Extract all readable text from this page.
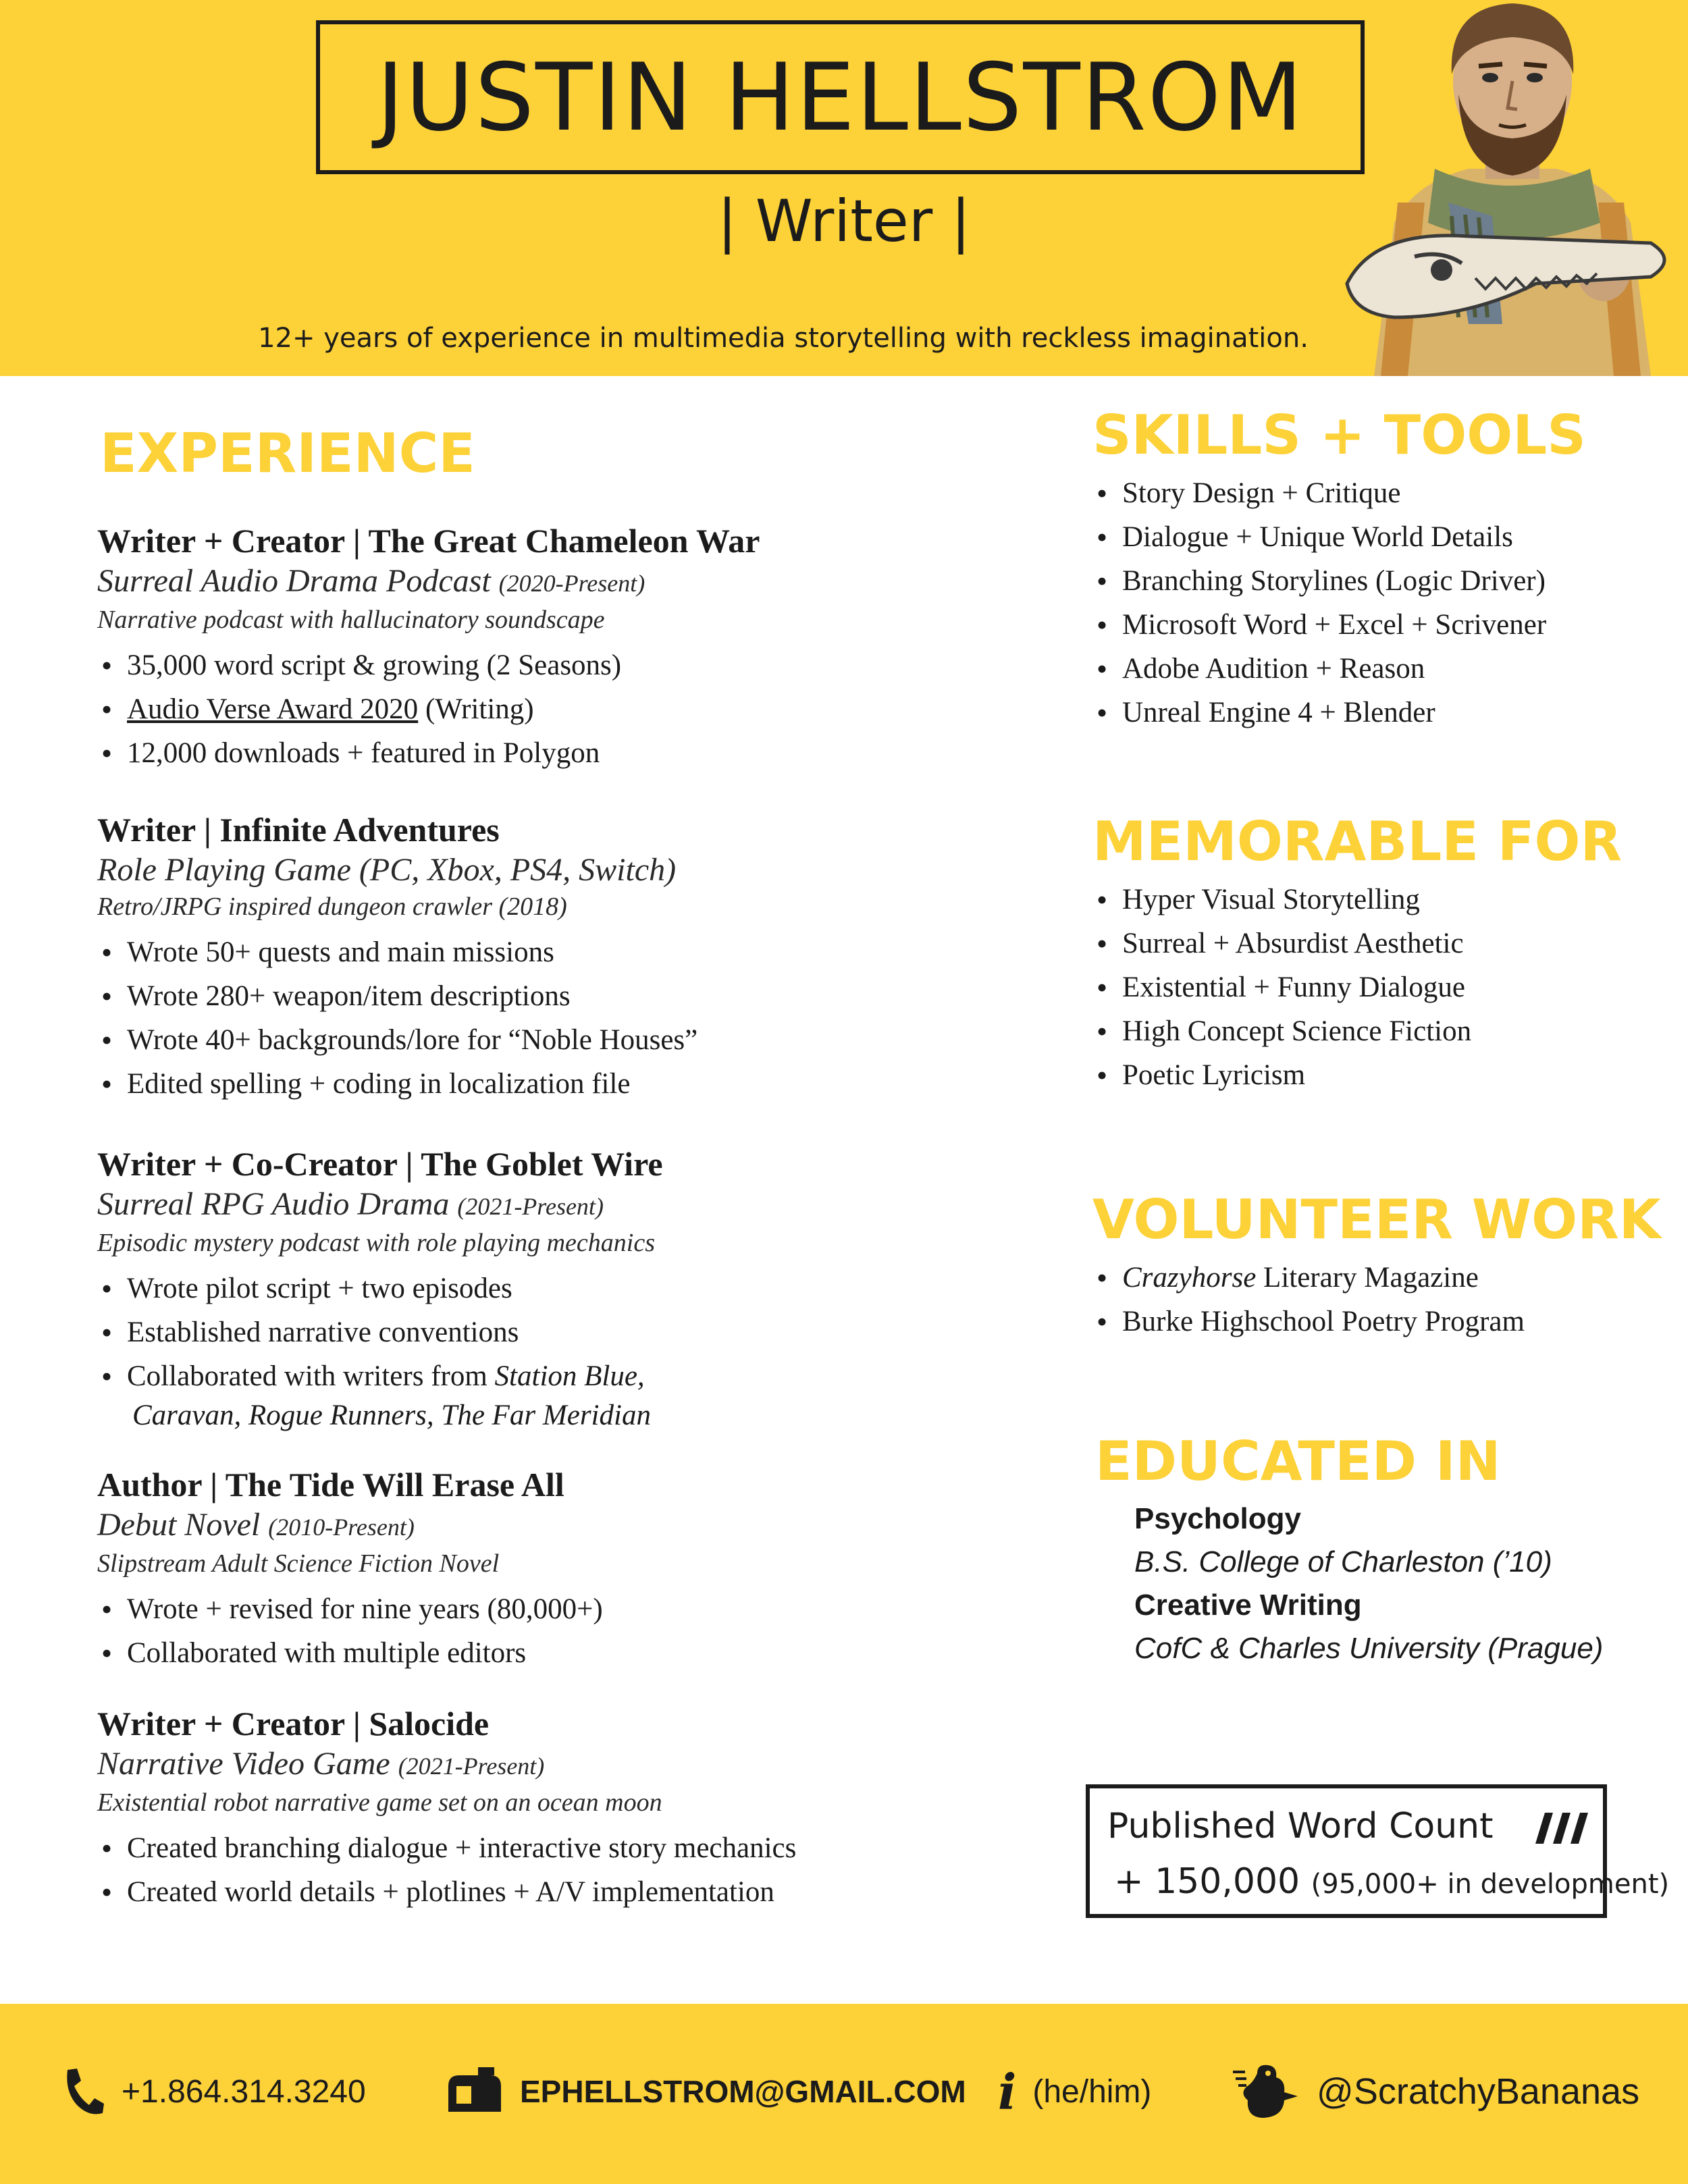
JUSTIN HELLSTROM
| Writer |
12+ years of experience in multimedia storytelling with reckless imagination.
EXPERIENCE
Writer + Creator | The Great Chameleon War
Surreal Audio Drama Podcast (2020-Present)
Narrative podcast with hallucinatory soundscape
• 35,000 word script & growing (2 Seasons)
• Audio Verse Award 2020 (Writing)
• 12,000 downloads + featured in Polygon
Writer | Infinite Adventures
Role Playing Game (PC, Xbox, PS4, Switch)
Retro/JRPG inspired dungeon crawler (2018)
• Wrote 50+ quests and main missions
• Wrote 280+ weapon/item descriptions
• Wrote 40+ backgrounds/lore for “Noble Houses”
• Edited spelling + coding in localization file
Writer + Co-Creator | The Goblet Wire
Surreal RPG Audio Drama (2021-Present)
Episodic mystery podcast with role playing mechanics
• Wrote pilot script + two episodes
• Established narrative conventions
• Collaborated with writers from Station Blue,
Caravan, Rogue Runners, The Far Meridian
Author | The Tide Will Erase All
Debut Novel (2010-Present)
Slipstream Adult Science Fiction Novel
• Wrote + revised for nine years (80,000+)
• Collaborated with multiple editors
Writer + Creator | Salocide
Narrative Video Game (2021-Present)
Existential robot narrative game set on an ocean moon
• Created branching dialogue + interactive story mechanics
• Created world details + plotlines + A/V implementation
SKILLS + TOOLS
• Story Design + Critique
• Dialogue + Unique World Details
• Branching Storylines (Logic Driver)
• Microsoft Word + Excel + Scrivener
• Adobe Audition + Reason
• Unreal Engine 4 + Blender
MEMORABLE FOR
• Hyper Visual Storytelling
• Surreal + Absurdist Aesthetic
• Existential + Funny Dialogue
• High Concept Science Fiction
• Poetic Lyricism
VOLUNTEER WORK
• Crazyhorse Literary Magazine
• Burke Highschool Poetry Program
EDUCATED IN
Psychology
B.S. College of Charleston (’10)
Creative Writing
CofC & Charles University (Prague)
Published Word Count
+ 150,000 (95,000+ in development)
+1.864.314.3240	EPHELLSTROM@GMAIL.COM i (he/him)	@ScratchyBananas
